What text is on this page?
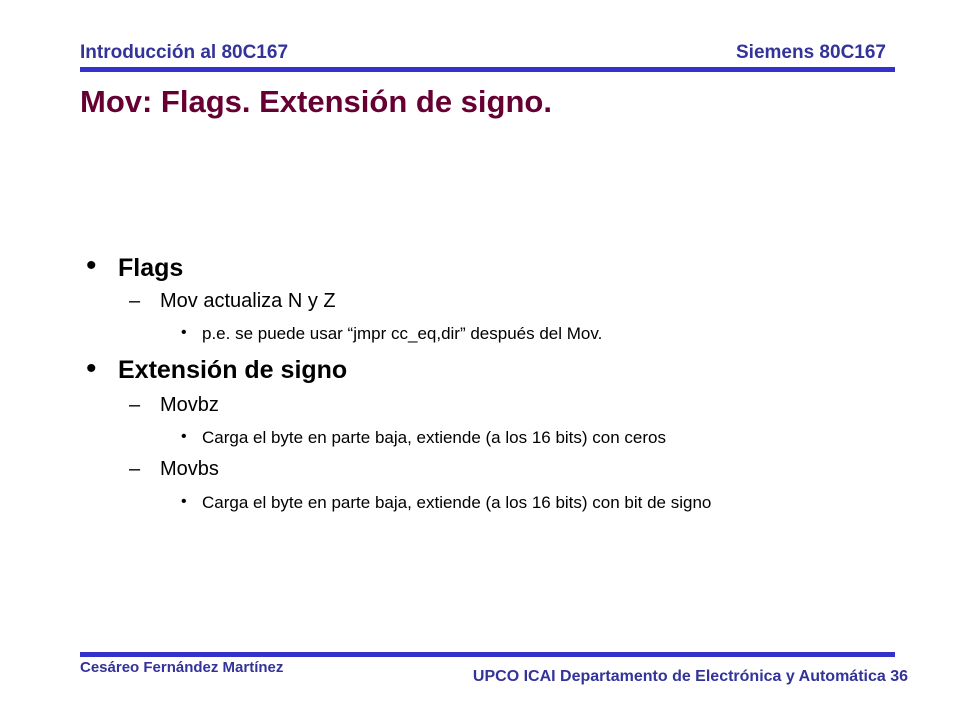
Introducción al 80C167	Siemens 80C167
Mov: Flags. Extensión de signo.
• Flags
– Mov actualiza N y Z
• p.e. se puede usar “jmpr cc_eq,dir” después del Mov.
• Extensión de signo
– Movbz
• Carga el byte en parte baja, extiende (a los 16 bits) con ceros
– Movbs
• Carga el byte en parte baja, extiende (a los 16 bits) con bit de signo
Cesáreo Fernández Martínez
UPCO ICAI Departamento de Electrónica y Automática 36
